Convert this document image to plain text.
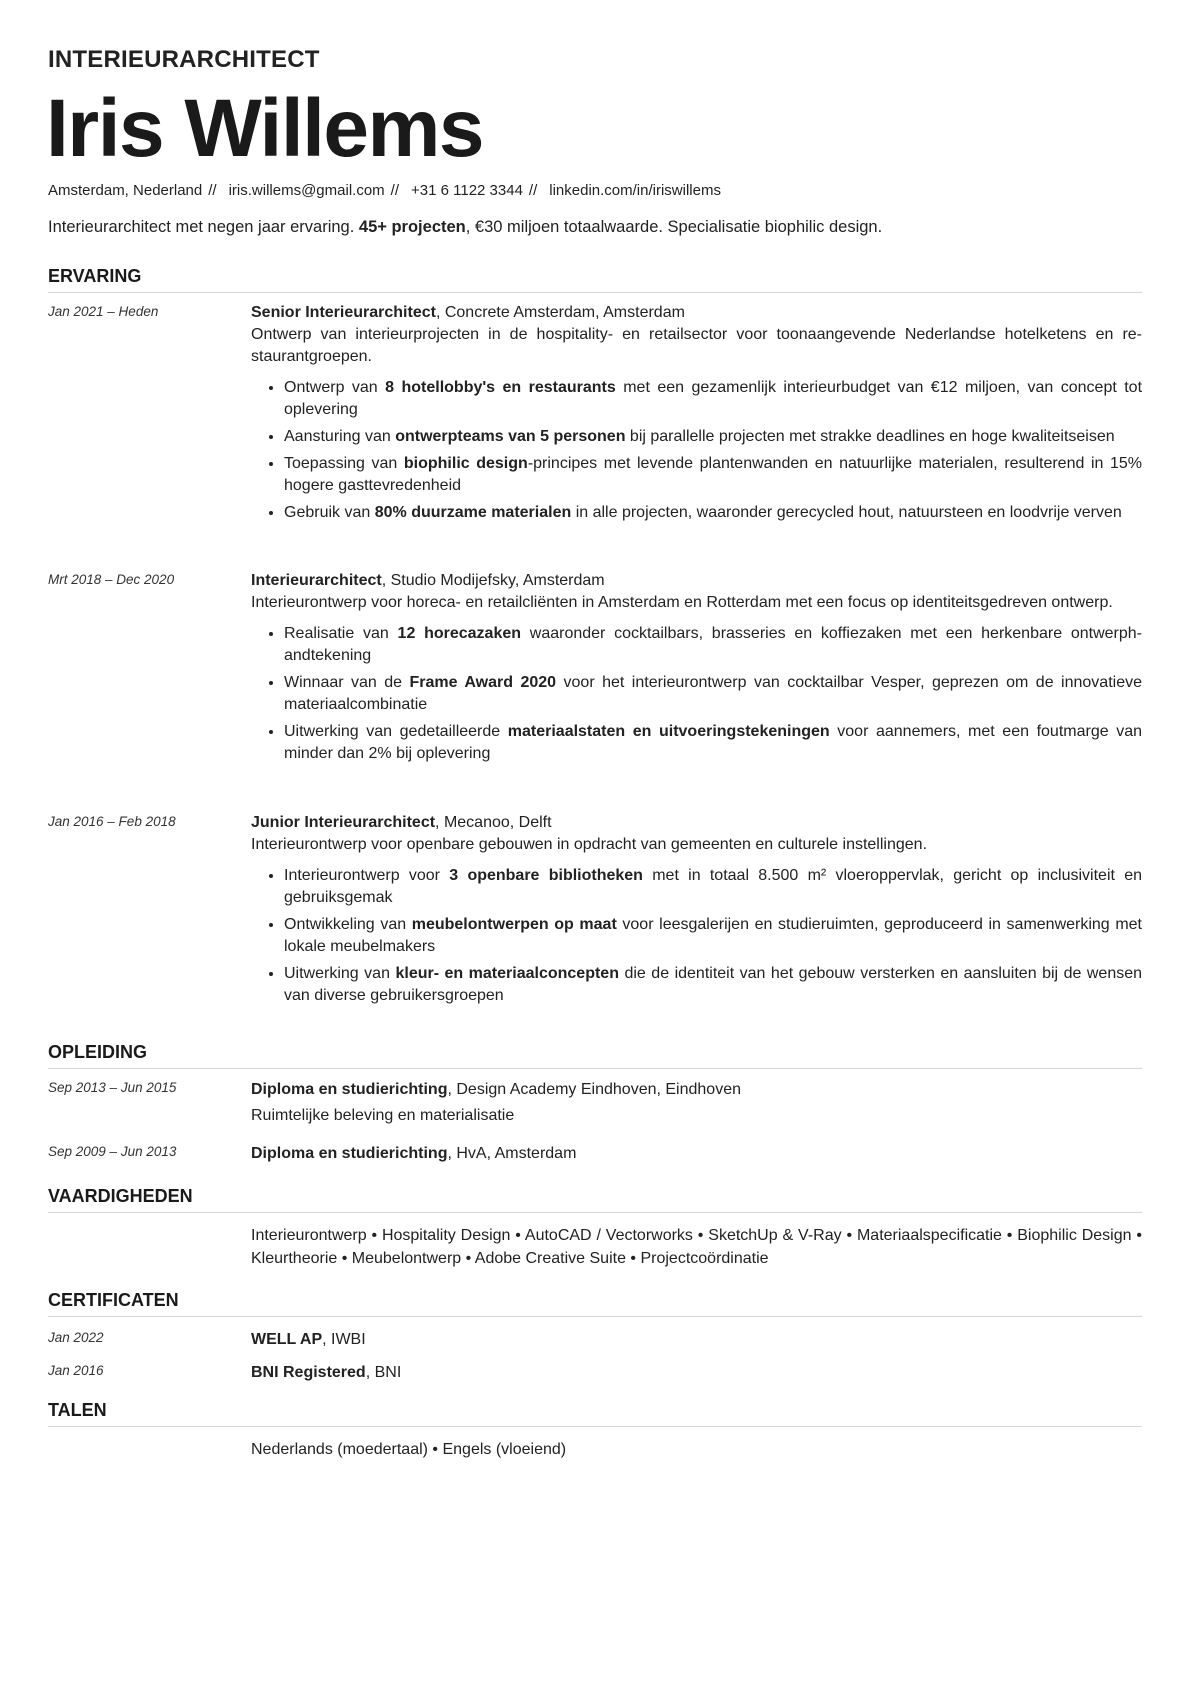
INTERIEURARCHITECT
Iris Willems
Amsterdam, Nederland // iris.willems@gmail.com // +31 6 1122 3344 // linkedin.com/in/iriswillems
Interieurarchitect met negen jaar ervaring. 45+ projecten, €30 miljoen totaalwaarde. Specialisatie biophilic design.
ERVARING
Jan 2021 – Heden	Senior Interieurarchitect, Concrete Amsterdam, Amsterdam
Ontwerp van interieurprojecten in de hospitality- en retailsector voor toonaangevende Nederlandse hotelketens en restaurantgroepen.
• Ontwerp van 8 hotellobby's en restaurants met een gezamenlijk interieurbudget van €12 miljoen, van concept tot oplevering
• Aansturing van ontwerpteams van 5 personen bij parallelle projecten met strakke deadlines en hoge kwaliteitseisen
• Toepassing van biophilic design-principes met levende plantenwanden en natuurlijke materialen, resulterend in 15% hogere gasttevredenheid
• Gebruik van 80% duurzame materialen in alle projecten, waaronder gerecycled hout, natuursteen en loodvrije verven
Mrt 2018 – Dec 2020	Interieurarchitect, Studio Modijefsky, Amsterdam
Interieurontwerp voor horeca- en retailcliënten in Amsterdam en Rotterdam met een focus op identiteitsgedreven ontwerp.
• Realisatie van 12 horecazaken waaronder cocktailbars, brasseries en koffiezaken met een herkenbare ontwerphandtekening
• Winnaar van de Frame Award 2020 voor het interieurontwerp van cocktailbar Vesper, geprezen om de innovatieve materiaalcombinatie
• Uitwerking van gedetailleerde materiaalstaten en uitvoeringstekeningen voor aannemers, met een foutmarge van minder dan 2% bij oplevering
Jan 2016 – Feb 2018	Junior Interieurarchitect, Mecanoo, Delft
Interieurontwerp voor openbare gebouwen in opdracht van gemeenten en culturele instellingen.
• Interieurontwerp voor 3 openbare bibliotheken met in totaal 8.500 m² vloeroppervlak, gericht op inclusiviteit en gebruiksgemak
• Ontwikkeling van meubelontwerpen op maat voor leesgalerijen en studieruimten, geproduceerd in samenwerking met lokale meubelmakers
• Uitwerking van kleur- en materiaalconcepten die de identiteit van het gebouw versterken en aansluiten bij de wensen van diverse gebruikersgroepen
OPLEIDING
Sep 2013 – Jun 2015	Diploma en studierichting, Design Academy Eindhoven, Eindhoven
Ruimtelijke beleving en materialisatie
Sep 2009 – Jun 2013	Diploma en studierichting, HvA, Amsterdam
VAARDIGHEDEN
Interieurontwerp • Hospitality Design • AutoCAD / Vectorworks • SketchUp & V-Ray • Materiaalspecificatie • Biophilic Design • Kleurtheorie • Meubelontwerp • Adobe Creative Suite • Projectcoördinatie
CERTIFICATEN
Jan 2022	WELL AP, IWBI
Jan 2016	BNI Registered, BNI
TALEN
Nederlands (moedertaal) • Engels (vloeiend)
